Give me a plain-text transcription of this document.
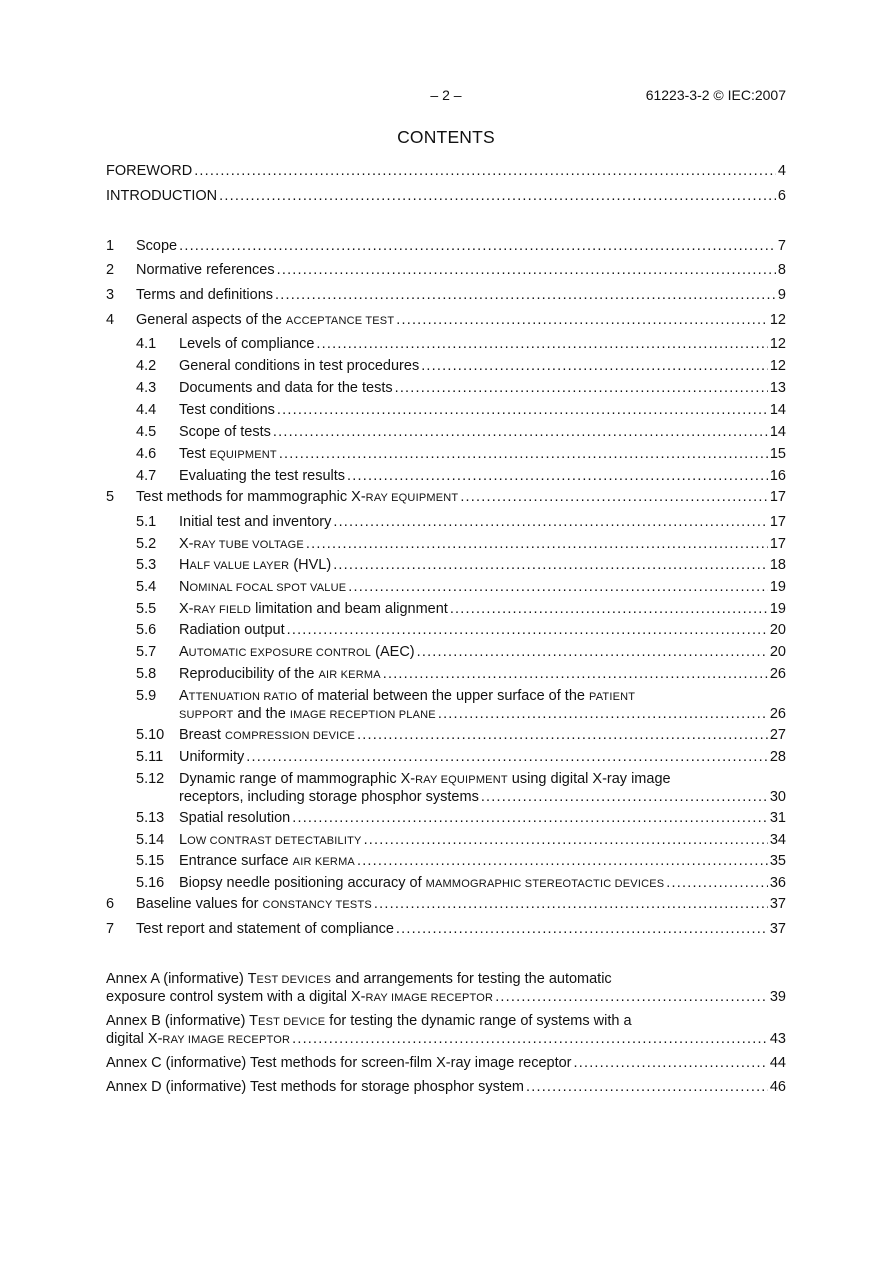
– 2 –	61223-3-2 © IEC:2007
CONTENTS
FOREWORD .....	4
INTRODUCTION .....	6
1	Scope .....	7
2	Normative references .....	8
3	Terms and definitions .....	9
4	General aspects of the ACCEPTANCE TEST .....	12
4.1	Levels of compliance .....	12
4.2	General conditions in test procedures .....	12
4.3	Documents and data for the tests .....	13
4.4	Test conditions .....	14
4.5	Scope of tests .....	14
4.6	Test EQUIPMENT .....	15
4.7	Evaluating the test results .....	16
5	Test methods for mammographic X-RAY EQUIPMENT .....	17
5.1	Initial test and inventory .....	17
5.2	X-RAY TUBE VOLTAGE .....	17
5.3	HALF VALUE LAYER (HVL) .....	18
5.4	NOMINAL FOCAL SPOT VALUE .....	19
5.5	X-RAY FIELD limitation and beam alignment .....	19
5.6	Radiation output .....	20
5.7	AUTOMATIC EXPOSURE CONTROL (AEC) .....	20
5.8	Reproducibility of the AIR KERMA .....	26
5.9	ATTENUATION RATIO of material between the upper surface of the PATIENT
SUPPORT and the IMAGE RECEPTION PLANE .....	26
5.10	Breast COMPRESSION DEVICE .....	27
5.11	Uniformity .....	28
5.12	Dynamic range of mammographic X-RAY EQUIPMENT using digital X-ray image
receptors, including storage phosphor systems .....	30
5.13	Spatial resolution .....	31
5.14	LOW CONTRAST DETECTABILITY .....	34
5.15	Entrance surface AIR KERMA .....	35
5.16	Biopsy needle positioning accuracy of MAMMOGRAPHIC STEREOTACTIC DEVICES .....	36
6	Baseline values for CONSTANCY TESTS .....	37
7	Test report and statement of compliance .....	37
Annex A (informative) TEST DEVICES and arrangements for testing the automatic
exposure control system with a digital X-RAY IMAGE RECEPTOR .....	39
Annex B (informative) TEST DEVICE for testing the dynamic range of systems with a
digital X-RAY IMAGE RECEPTOR .....	43
Annex C (informative) Test methods for screen-film X-ray image receptor .....	44
Annex D (informative) Test methods for storage phosphor system .....	46
